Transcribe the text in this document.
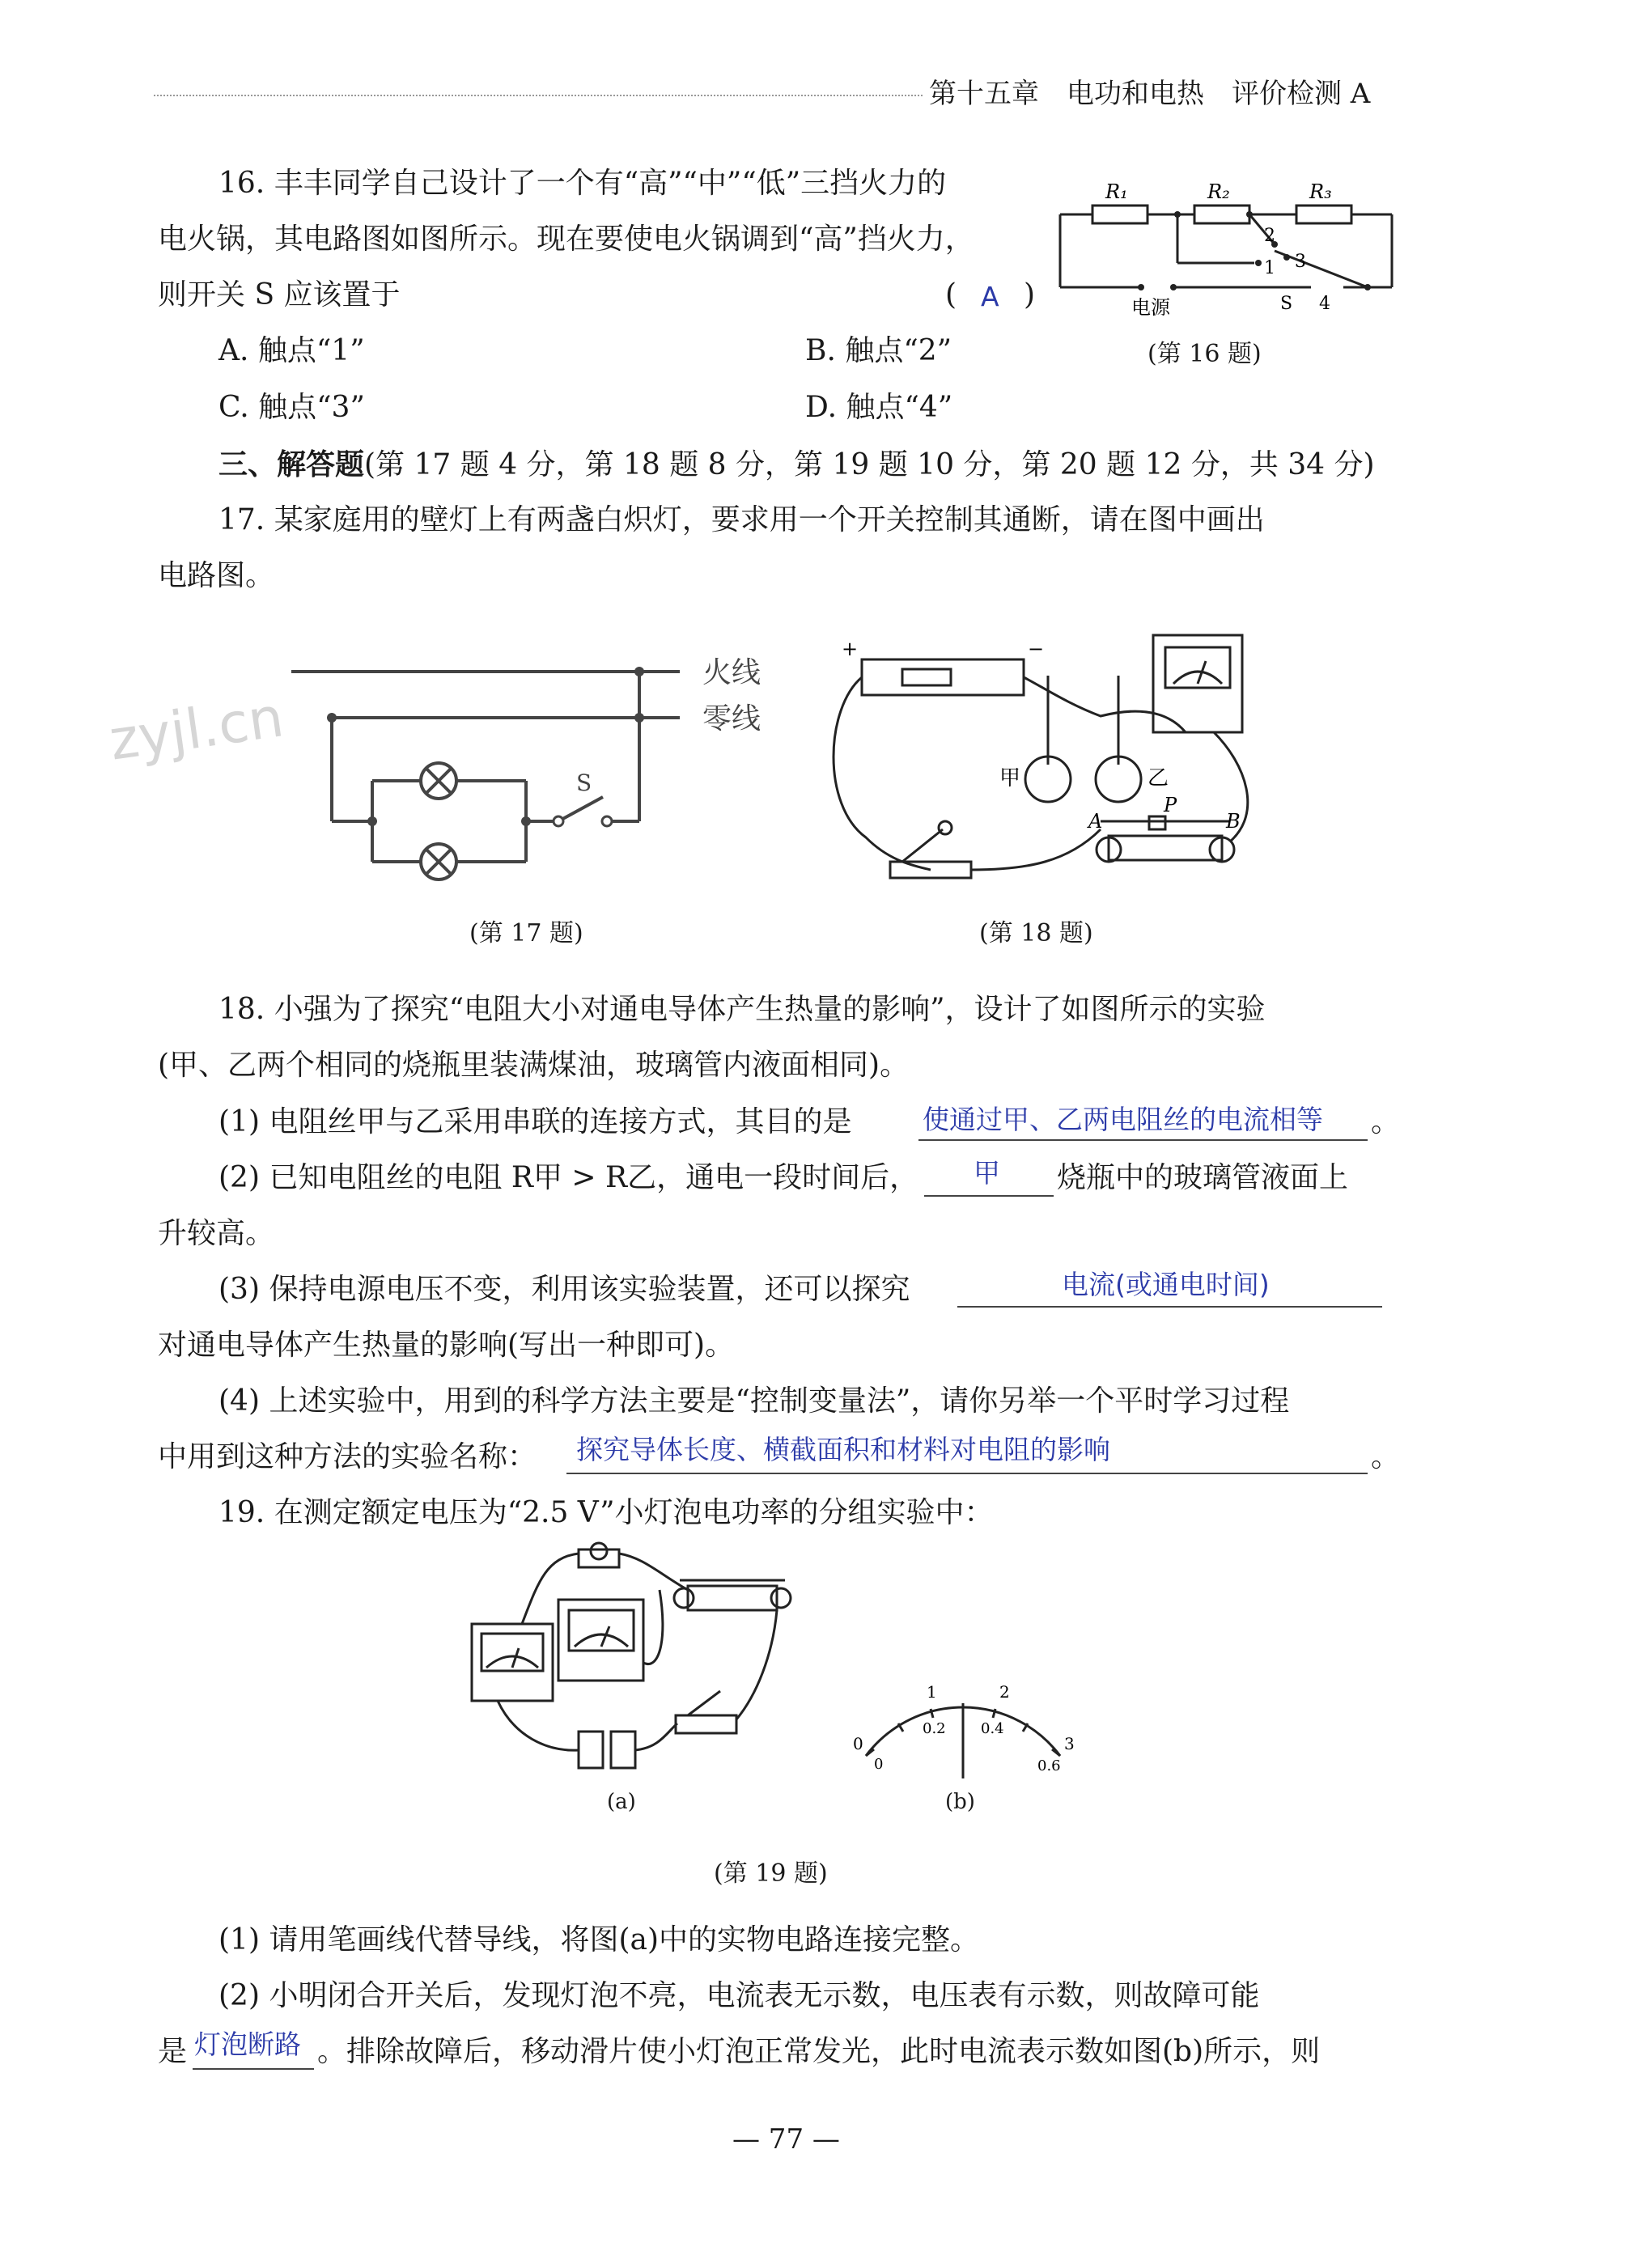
第十五章　电功和电热　评价检测 A
zyjl.cn
16. 丰丰同学自己设计了一个有“高”“中”“低”三挡火力的
电火锅，其电路图如图所示。现在要使电火锅调到“高”挡火力，
则开关 S 应该置于	( A )
A. 触点“1”	B. 触点“2”
C. 触点“3”	D. 触点“4”
R₁	R₂	R₃
2
1 3
电源	S 4
(第 16 题)
三、解答题(第 17 题 4 分，第 18 题 8 分，第 19 题 10 分，第 20 题 12 分，共 34 分)
17. 某家庭用的壁灯上有两盏白炽灯，要求用一个开关控制其通断，请在图中画出
电路图。
火线
零线
S
(第 17 题)
+	−
甲	乙
A	B
P
(第 18 题)
18. 小强为了探究“电阻大小对通电导体产生热量的影响”，设计了如图所示的实验
(甲、乙两个相同的烧瓶里装满煤油，玻璃管内液面相同)。
(1) 电阻丝甲与乙采用串联的连接方式，其目的是	使通过甲、乙两电阻丝的电流相等 。
(2) 已知电阻丝的电阻 R甲 > R乙，通电一段时间后， 甲 烧瓶中的玻璃管液面上
升较高。
(3) 保持电源电压不变，利用该实验装置，还可以探究	电流(或通电时间)
对通电导体产生热量的影响(写出一种即可)。
(4) 上述实验中，用到的科学方法主要是“控制变量法”，请你另举一个平时学习过程
中用到这种方法的实验名称： 探究导体长度、横截面积和材料对电阻的影响	。
19. 在测定额定电压为“2.5 V”小灯泡电功率的分组实验中：
(a)
0
1	2
3
0
0.2 0.4
0.6
(b)
(第 19 题)
(1) 请用笔画线代替导线，将图(a)中的实物电路连接完整。
(2) 小明闭合开关后，发现灯泡不亮，电流表无示数，电压表有示数，则故障可能
是 灯泡断路 。排除故障后，移动滑片使小灯泡正常发光，此时电流表示数如图(b)所示，则
— 77 —
